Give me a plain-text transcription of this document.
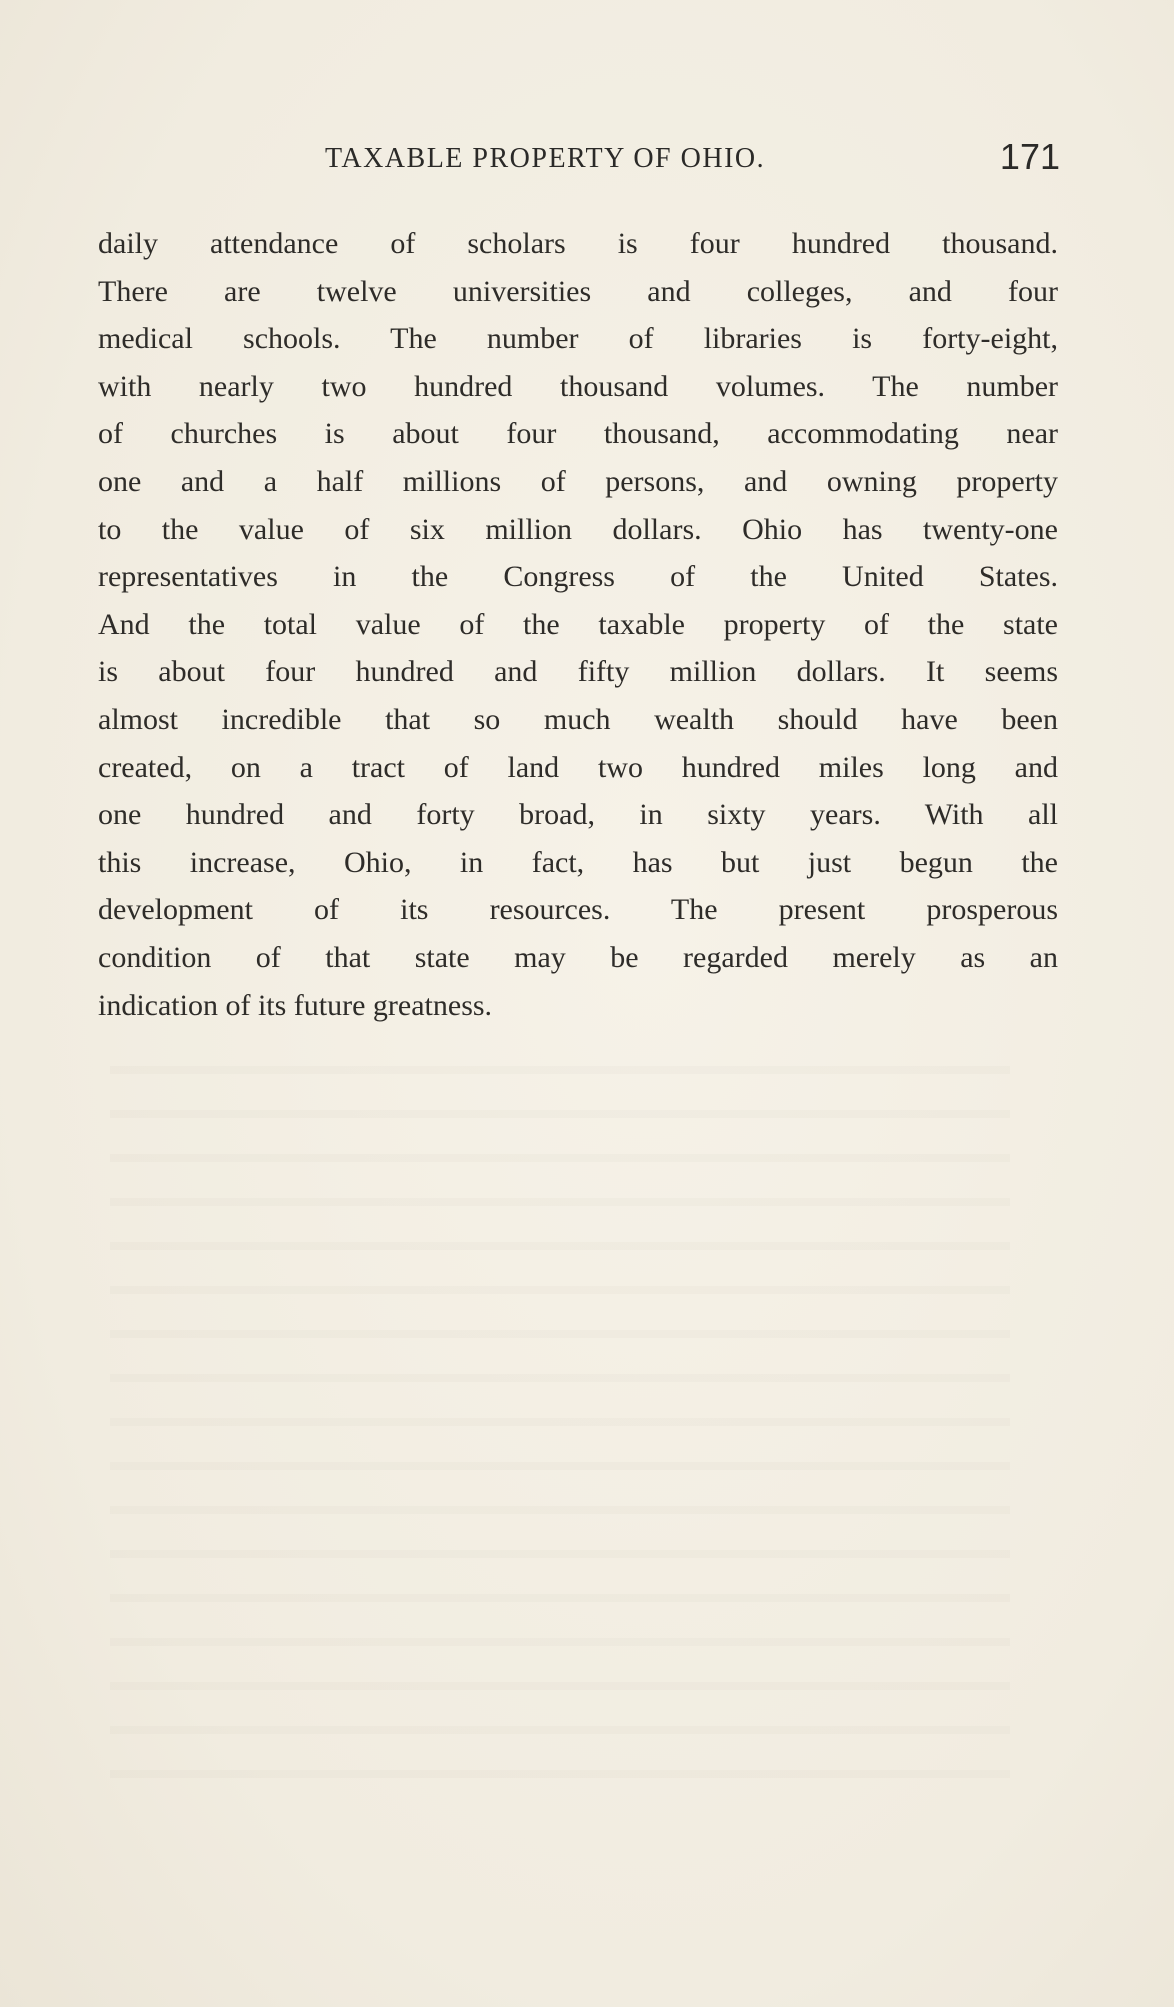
TAXABLE PROPERTY OF OHIO.	171
daily attendance of scholars is four hundred thousand.
There are twelve universities and colleges, and four
medical schools. The number of libraries is forty-eight,
with nearly two hundred thousand volumes. The number
of churches is about four thousand, accommodating near
one and a half millions of persons, and owning property
to the value of six million dollars. Ohio has twenty-one
representatives in the Congress of the United States.
And the total value of the taxable property of the state
is about four hundred and fifty million dollars. It seems
almost incredible that so much wealth should have been
created, on a tract of land two hundred miles long and
one hundred and forty broad, in sixty years. With all
this increase, Ohio, in fact, has but just begun the
development of its resources. The present prosperous
condition of that state may be regarded merely as an
indication of its future greatness.
